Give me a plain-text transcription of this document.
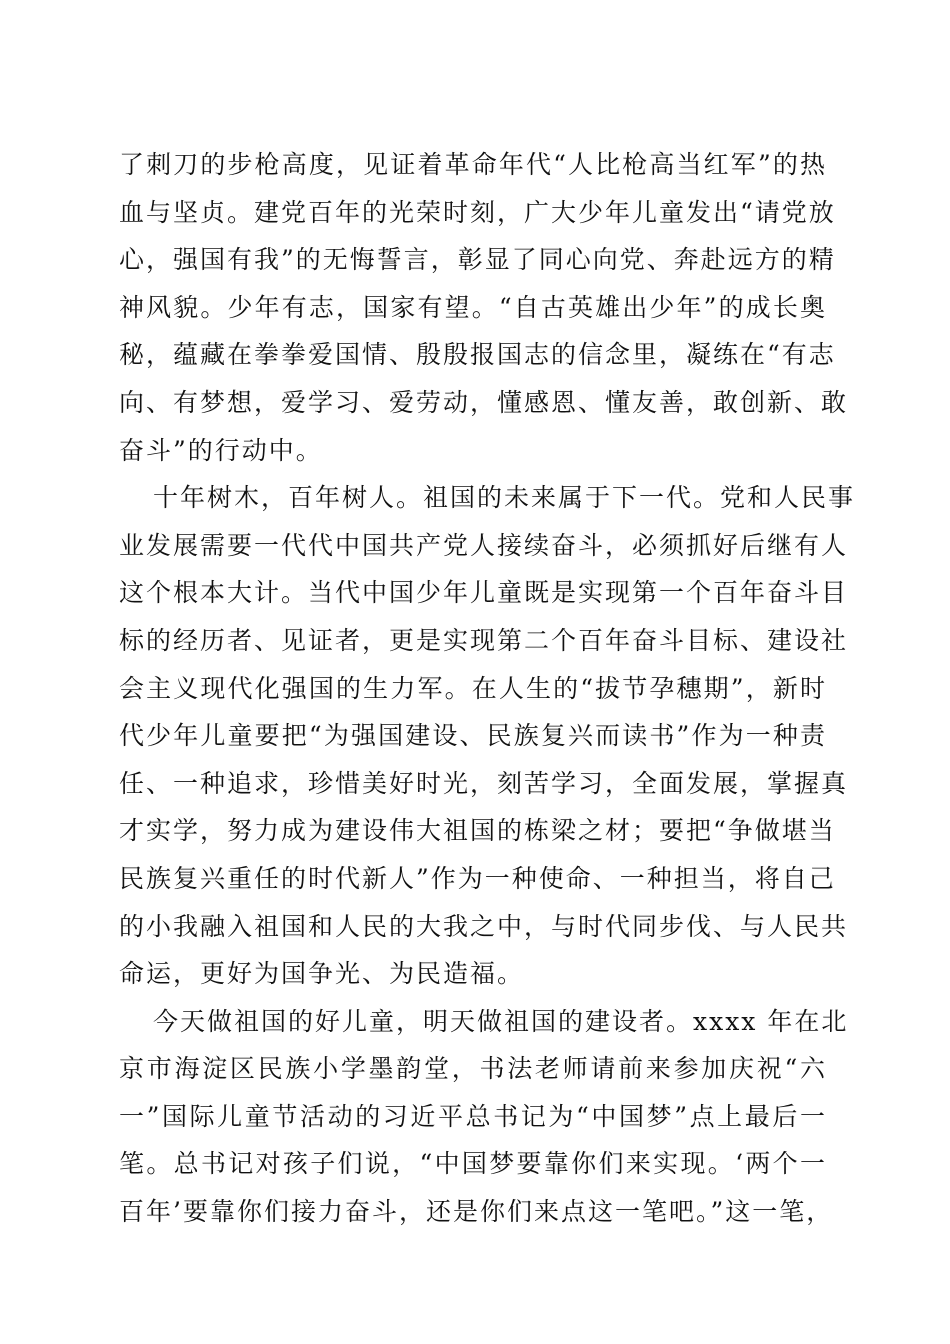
了刺刀的步枪高度，见证着革命年代“人比枪高当红军”的热
血与坚贞。建党百年的光荣时刻，广大少年儿童发出“请党放
心，强国有我”的无悔誓言，彰显了同心向党、奔赴远方的精
神风貌。少年有志，国家有望。“自古英雄出少年”的成长奥
秘，蕴藏在拳拳爱国情、殷殷报国志的信念里，凝练在“有志
向、有梦想，爱学习、爱劳动，懂感恩、懂友善，敢创新、敢
奋斗”的行动中。
十年树木，百年树人。祖国的未来属于下一代。党和人民事
业发展需要一代代中国共产党人接续奋斗，必须抓好后继有人
这个根本大计。当代中国少年儿童既是实现第一个百年奋斗目
标的经历者、见证者，更是实现第二个百年奋斗目标、建设社
会主义现代化强国的生力军。在人生的“拔节孕穗期”，新时
代少年儿童要把“为强国建设、民族复兴而读书”作为一种责
任、一种追求，珍惜美好时光，刻苦学习，全面发展，掌握真
才实学，努力成为建设伟大祖国的栋梁之材；要把“争做堪当
民族复兴重任的时代新人”作为一种使命、一种担当，将自己
的小我融入祖国和人民的大我之中，与时代同步伐、与人民共
命运，更好为国争光、为民造福。
今天做祖国的好儿童，明天做祖国的建设者。xxxx 年在北
京市海淀区民族小学墨韵堂，书法老师请前来参加庆祝“六
一”国际儿童节活动的习近平总书记为“中国梦”点上最后一
笔。总书记对孩子们说，“中国梦要靠你们来实现。‘两个一
百年’要靠你们接力奋斗，还是你们来点这一笔吧。”这一笔，
